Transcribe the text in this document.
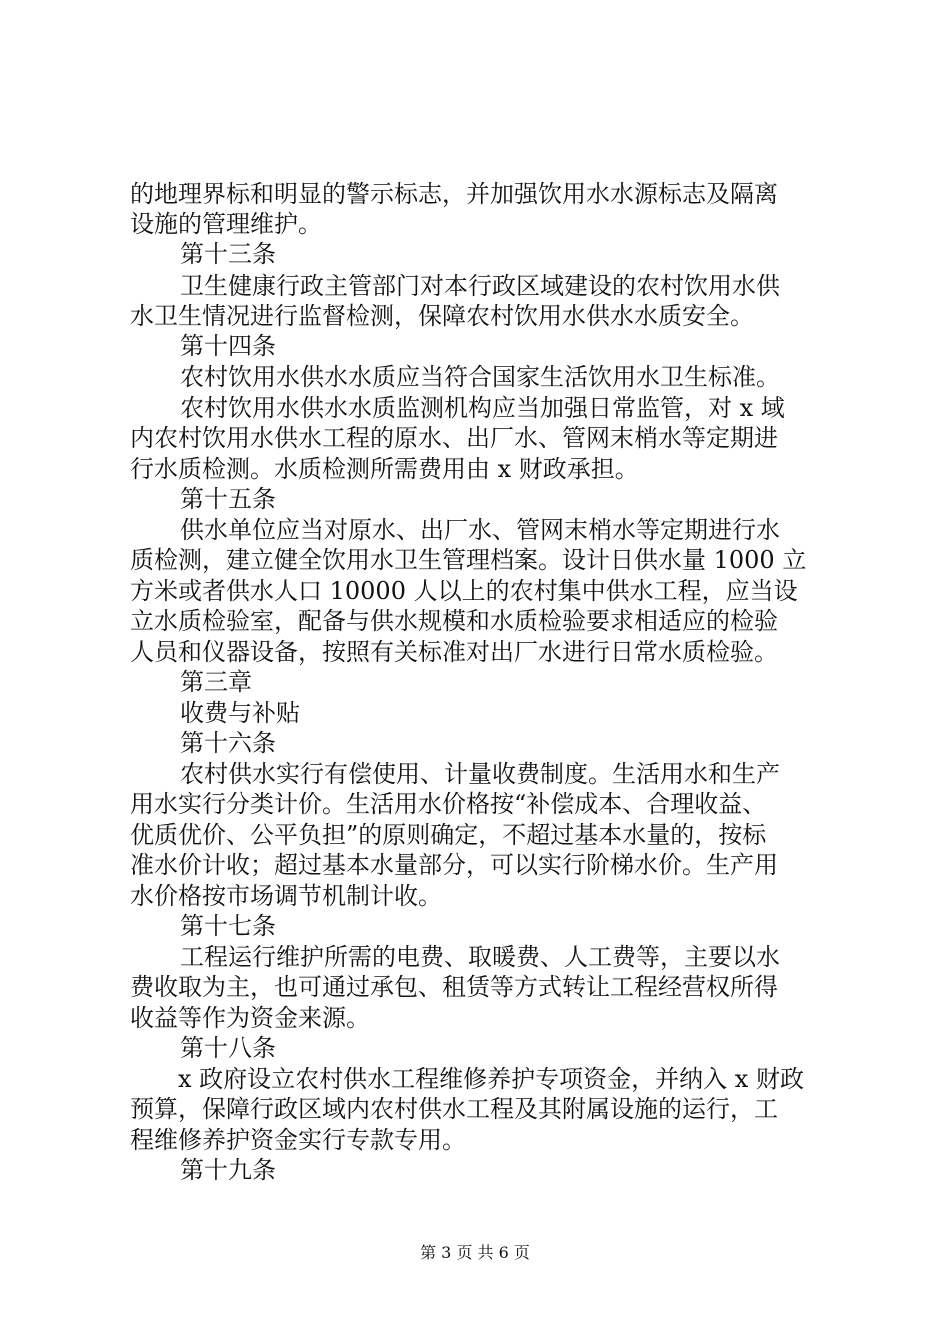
的地理界标和明显的警示标志，并加强饮用水水源标志及隔离
设施的管理维护。
第十三条
卫生健康行政主管部门对本行政区域建设的农村饮用水供
水卫生情况进行监督检测，保障农村饮用水供水水质安全。
第十四条
农村饮用水供水水质应当符合国家生活饮用水卫生标准。
农村饮用水供水水质监测机构应当加强日常监管，对 x 域
内农村饮用水供水工程的原水、出厂水、管网末梢水等定期进
行水质检测。水质检测所需费用由 x 财政承担。
第十五条
供水单位应当对原水、出厂水、管网末梢水等定期进行水
质检测，建立健全饮用水卫生管理档案。设计日供水量 1000 立
方米或者供水人口 10000 人以上的农村集中供水工程，应当设
立水质检验室，配备与供水规模和水质检验要求相适应的检验
人员和仪器设备，按照有关标准对出厂水进行日常水质检验。
第三章
收费与补贴
第十六条
农村供水实行有偿使用、计量收费制度。生活用水和生产
用水实行分类计价。生活用水价格按“补偿成本、合理收益、
优质优价、公平负担”的原则确定，不超过基本水量的，按标
准水价计收；超过基本水量部分，可以实行阶梯水价。生产用
水价格按市场调节机制计收。
第十七条
工程运行维护所需的电费、取暖费、人工费等，主要以水
费收取为主，也可通过承包、租赁等方式转让工程经营权所得
收益等作为资金来源。
第十八条
x 政府设立农村供水工程维修养护专项资金，并纳入 x 财政
预算，保障行政区域内农村供水工程及其附属设施的运行，工
程维修养护资金实行专款专用。
第十九条
第 3 页 共 6 页
